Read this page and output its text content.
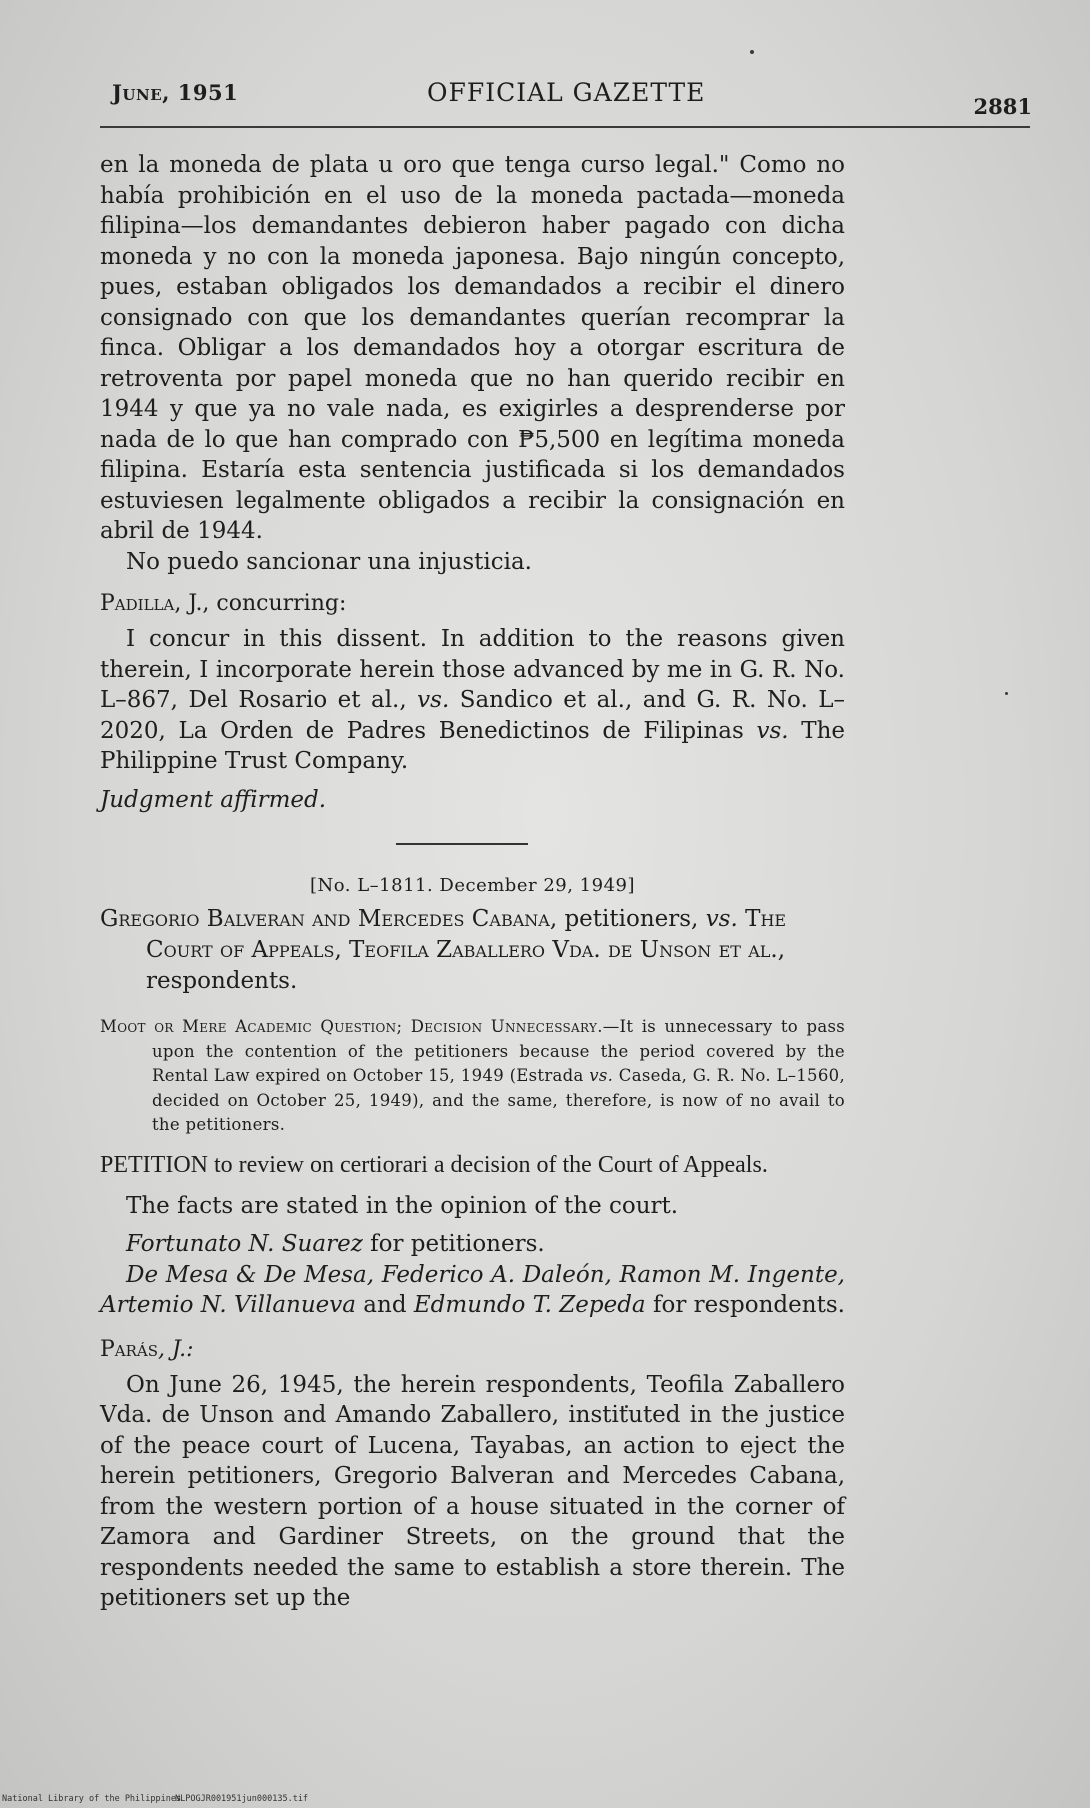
June, 1951	OFFICIAL GAZETTE	2881

en la moneda de plata u oro que tenga curso legal." Como no había prohibición en el uso de la moneda pactada—moneda filipina—los demandantes debieron haber pagado con dicha moneda y no con la moneda japonesa. Bajo ningún concepto, pues, estaban obligados los demandados a recibir el dinero consignado con que los demandantes querían recomprar la finca. Obligar a los demandados hoy a otorgar escritura de retroventa por papel moneda que no han querido recibir en 1944 y que ya no vale nada, es exigirles a desprenderse por nada de lo que han comprado con ₱5,500 en legítima moneda filipina. Estaría esta sentencia justificada si los demandados estuviesen legalmente obligados a recibir la consignación en abril de 1944.

No puedo sancionar una injusticia.

Padilla, J., concurring:

I concur in this dissent. In addition to the reasons given therein, I incorporate herein those advanced by me in G. R. No. L–867, Del Rosario et al., vs. Sandico et al., and G. R. No. L–2020, La Orden de Padres Benedictinos de Filipinas vs. The Philippine Trust Company.

Judgment affirmed.

[No. L–1811. December 29, 1949]

Gregorio Balveran and Mercedes Cabana, petitioners, vs. The Court of Appeals, Teofila Zaballero Vda. de Unson et al., respondents.

Moot or Mere Academic Question; Decision Unnecessary.—It is unnecessary to pass upon the contention of the petitioners because the period covered by the Rental Law expired on October 15, 1949 (Estrada vs. Caseda, G. R. No. L–1560, decided on October 25, 1949), and the same, therefore, is now of no avail to the petitioners.

PETITION to review on certiorari a decision of the Court of Appeals.

The facts are stated in the opinion of the court.

Fortunato N. Suarez for petitioners.

De Mesa & De Mesa, Federico A. Daleón, Ramon M. Ingente, Artemio N. Villanueva and Edmundo T. Zepeda for respondents.

Parás, J.:

On June 26, 1945, the herein respondents, Teofila Zaballero Vda. de Unson and Amando Zaballero, instituted in the justice of the peace court of Lucena, Tayabas, an action to eject the herein petitioners, Gregorio Balveran and Mercedes Cabana, from the western portion of a house situated in the corner of Zamora and Gardiner Streets, on the ground that the respondents needed the same to establish a store therein. The petitioners set up the

National Library of the Philippines
NLPOGJR001951jun000135.tif
